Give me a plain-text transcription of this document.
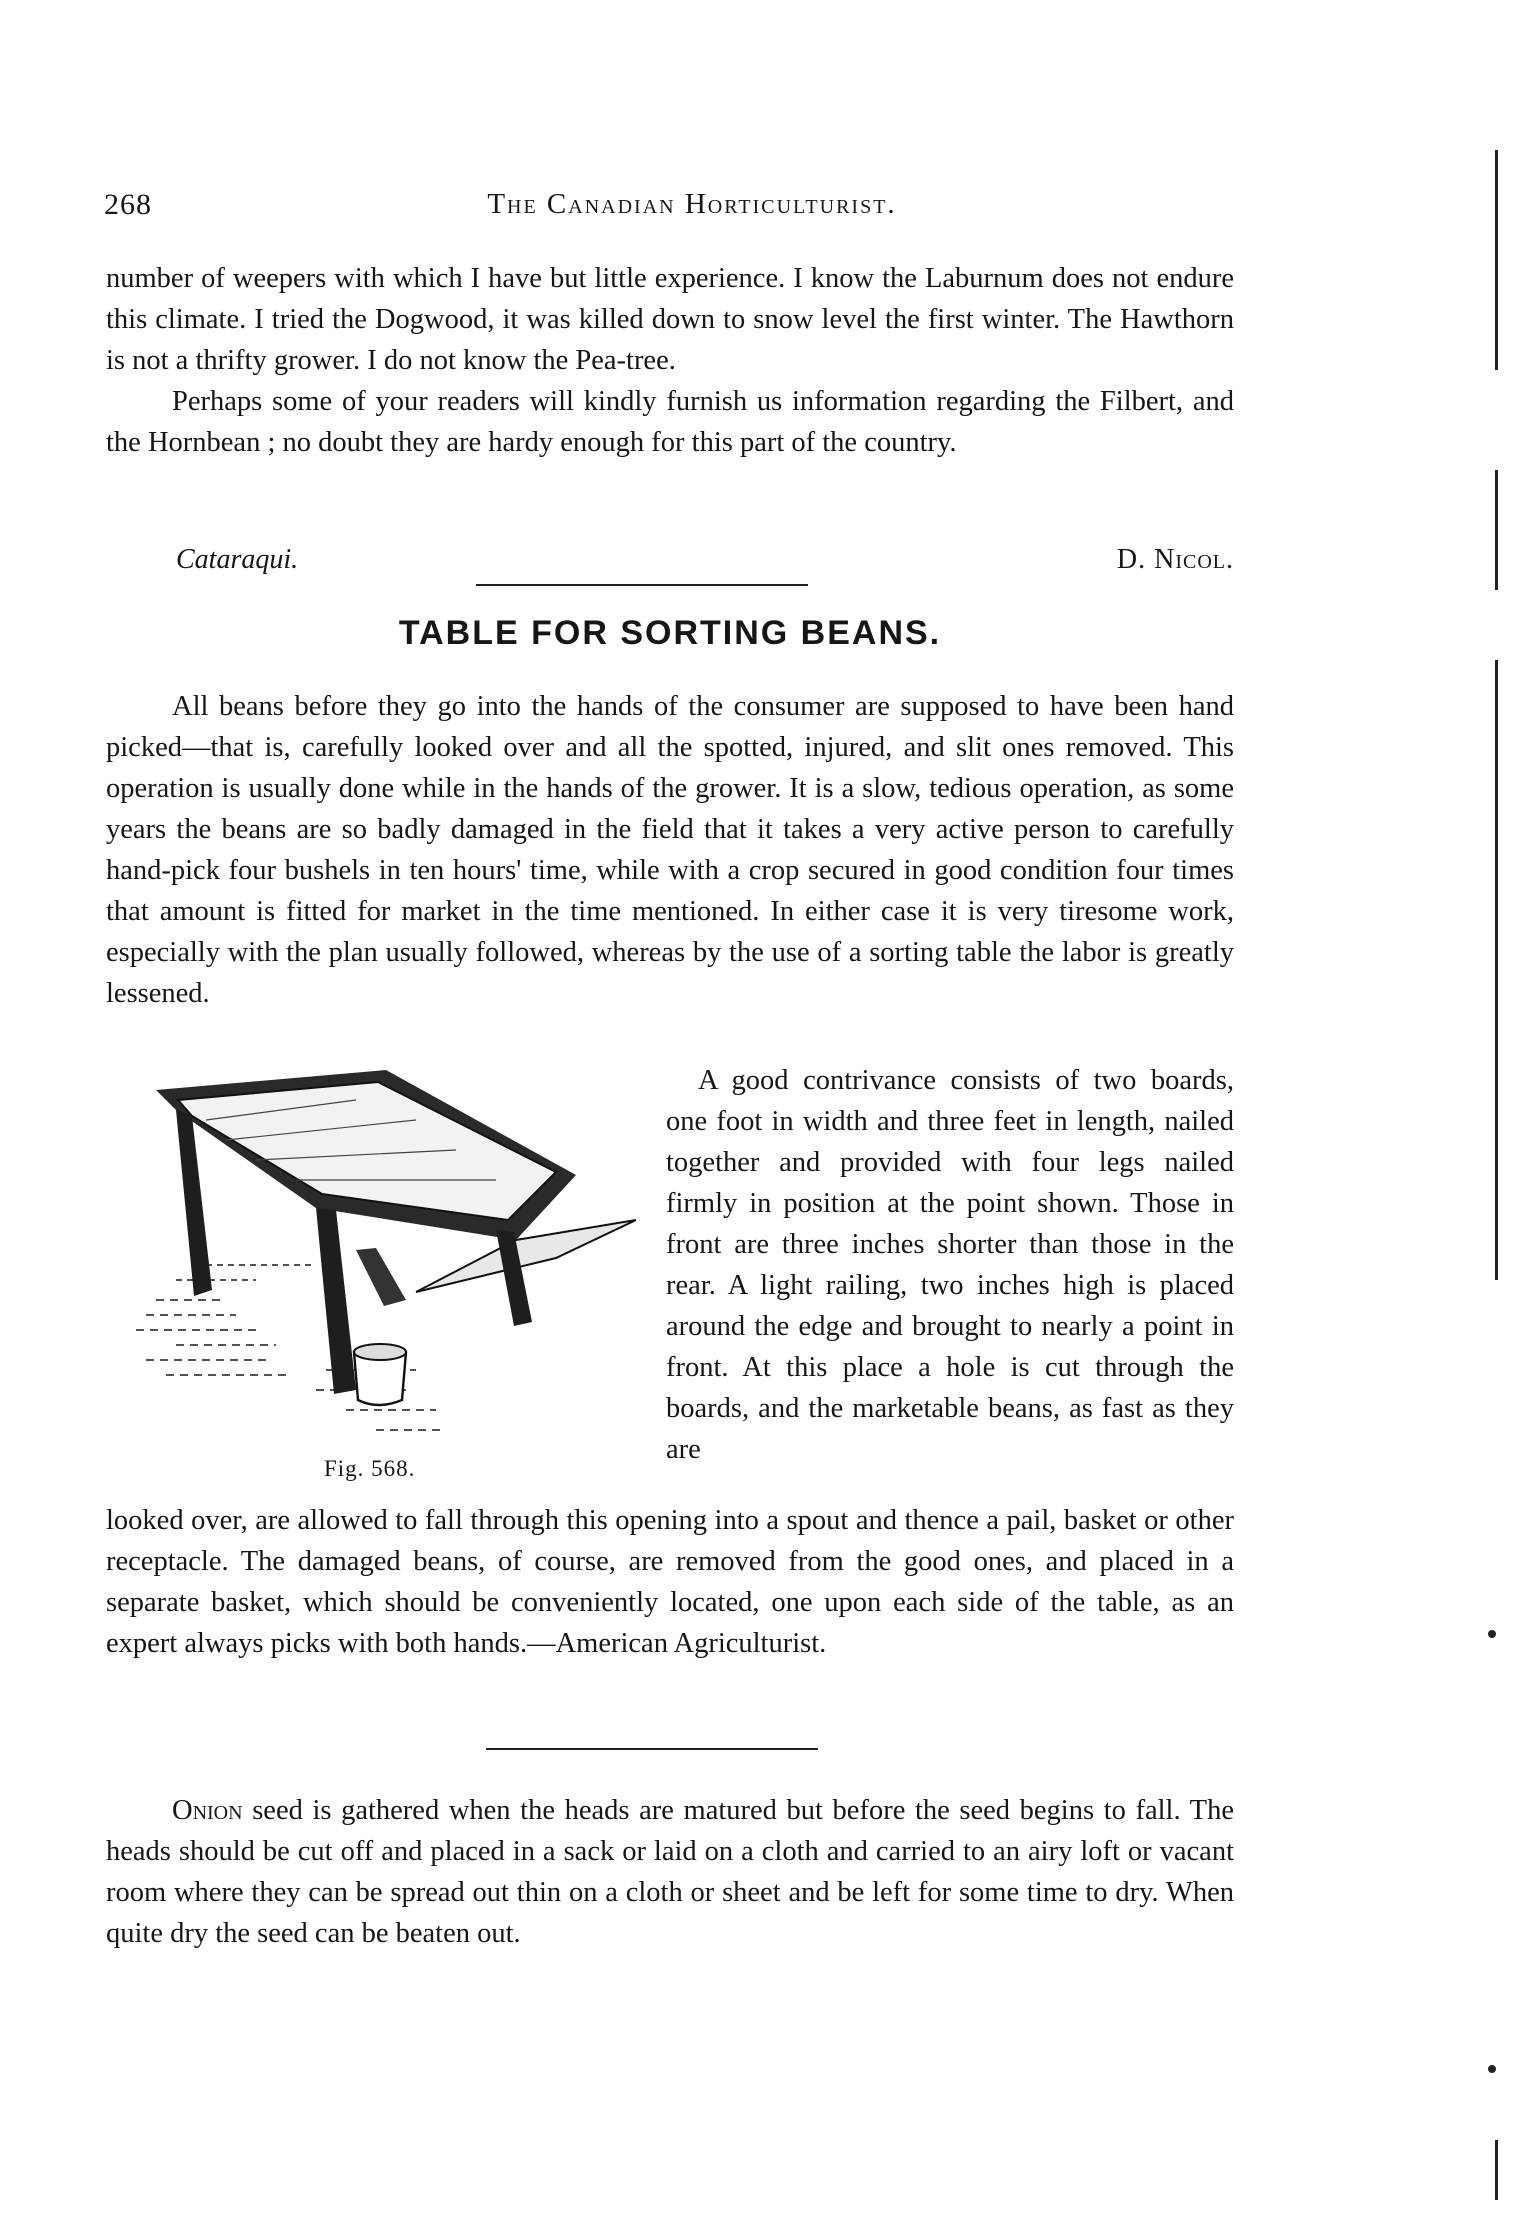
268	The Canadian Horticulturist.

number of weepers with which I have but little experience. I know the Laburnum does not endure this climate. I tried the Dogwood, it was killed down to snow level the first winter. The Hawthorn is not a thrifty grower. I do not know the Pea-tree.

Perhaps some of your readers will kindly furnish us information regarding the Filbert, and the Hornbean ; no doubt they are hardy enough for this part of the country.

Cataraqui.	D. Nicol.
TABLE FOR SORTING BEANS.

All beans before they go into the hands of the consumer are supposed to have been hand picked—that is, carefully looked over and all the spotted, injured, and slit ones removed. This operation is usually done while in the hands of the grower. It is a slow, tedious operation, as some years the beans are so badly damaged in the field that it takes a very active person to carefully hand-pick four bushels in ten hours' time, while with a crop secured in good condition four times that amount is fitted for market in the time mentioned. In either case it is very tiresome work, especially with the plan usually followed, whereas by the use of a sorting table the labor is greatly lessened.

Fig. 568.

A good contrivance consists of two boards, one foot in width and three feet in length, nailed together and provided with four legs nailed firmly in position at the point shown. Those in front are three inches shorter than those in the rear. A light railing, two inches high is placed around the edge and brought to nearly a point in front. At this place a hole is cut through the boards, and the marketable beans, as fast as they are

looked over, are allowed to fall through this opening into a spout and thence a pail, basket or other receptacle. The damaged beans, of course, are removed from the good ones, and placed in a separate basket, which should be conveniently located, one upon each side of the table, as an expert always picks with both hands.—American Agriculturist.

Onion seed is gathered when the heads are matured but before the seed begins to fall. The heads should be cut off and placed in a sack or laid on a cloth and carried to an airy loft or vacant room where they can be spread out thin on a cloth or sheet and be left for some time to dry. When quite dry the seed can be beaten out.
